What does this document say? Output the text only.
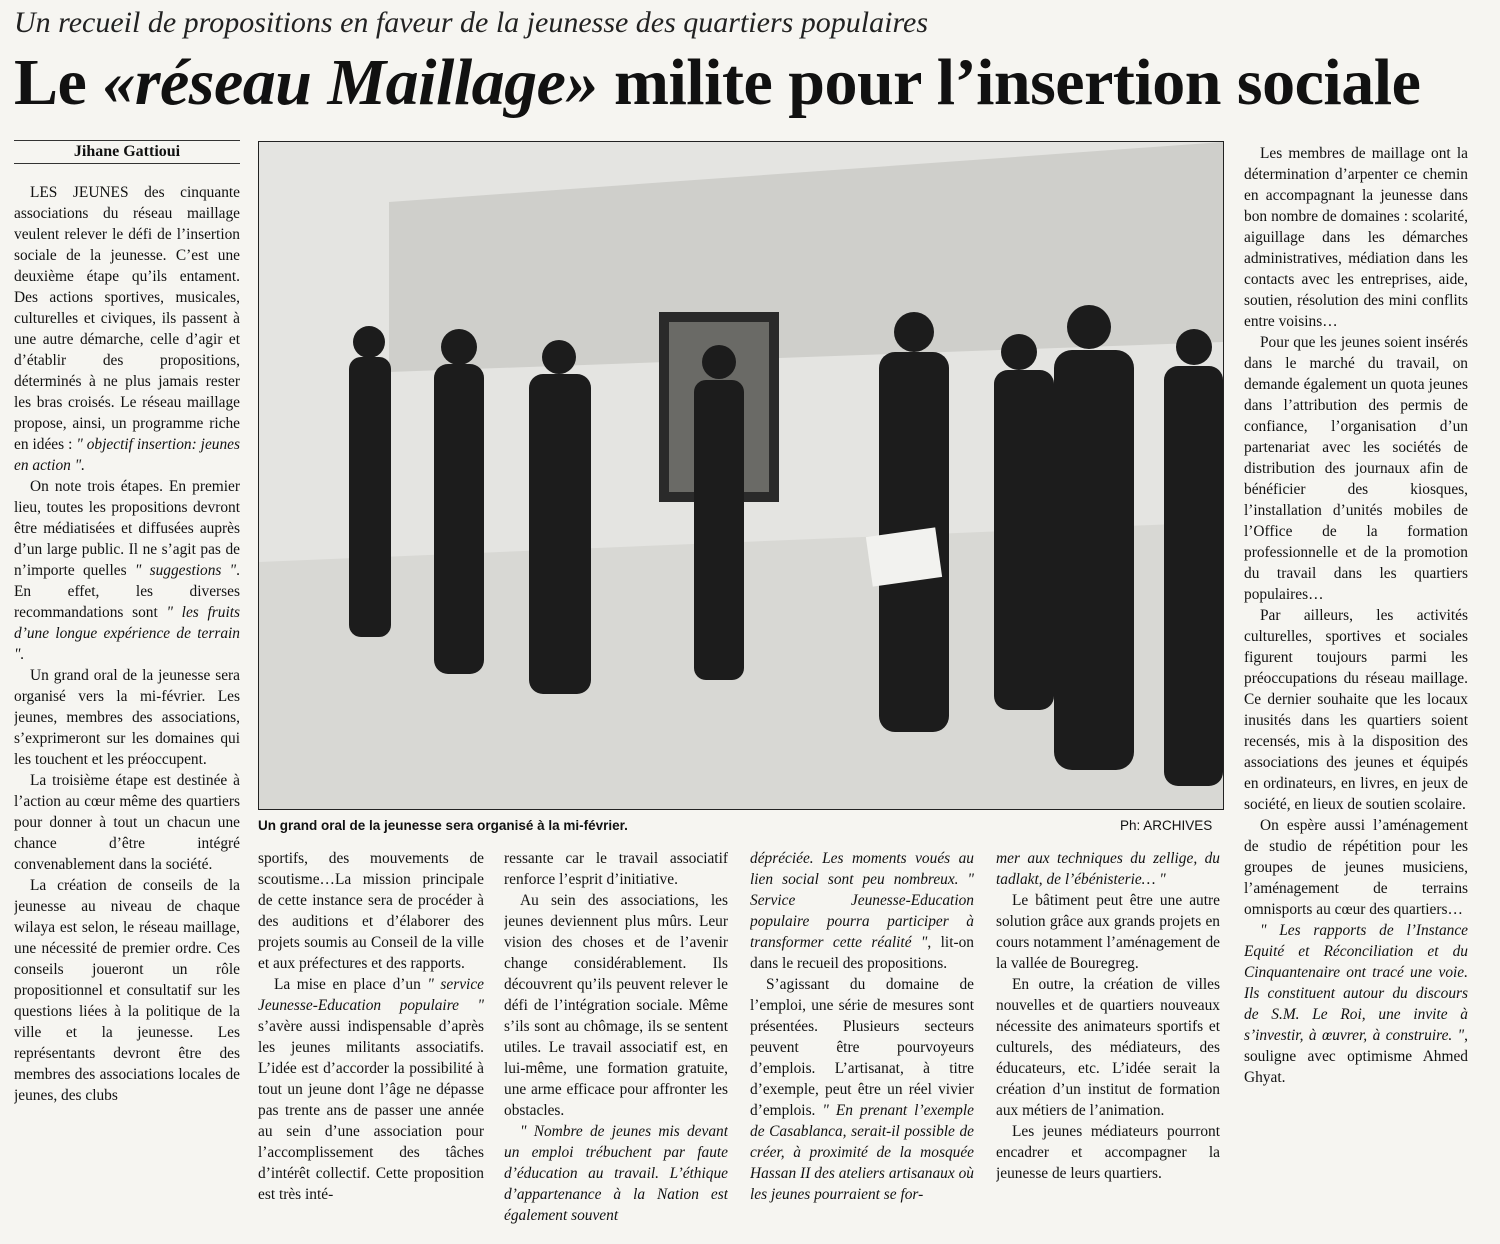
Un recueil de propositions en faveur de la jeunesse des quartiers populaires
Le «réseau Maillage» milite pour l’insertion sociale
Jihane Gattioui

LES JEUNES des cinquante associations du réseau maillage veulent relever le défi de l’insertion sociale de la jeunesse. C’est une deuxième étape qu’ils entament. Des actions sportives, musicales, culturelles et civiques, ils passent à une autre démarche, celle d’agir et d’établir des propositions, déterminés à ne plus jamais rester les bras croisés. Le réseau maillage propose, ainsi, un programme riche en idées : " objectif insertion: jeunes en action ".

On note trois étapes. En premier lieu, toutes les propositions devront être médiatisées et diffusées auprès d’un large public. Il ne s’agit pas de n’importe quelles " suggestions ". En effet, les diverses recommandations sont " les fruits d’une longue expérience de terrain ".

Un grand oral de la jeunesse sera organisé vers la mi-février. Les jeunes, membres des associations, s’exprimeront sur les domaines qui les touchent et les préoccupent.

La troisième étape est destinée à l’action au cœur même des quartiers pour donner à tout un chacun une chance d’être intégré convenablement dans la société.

La création de conseils de la jeunesse au niveau de chaque wilaya est selon, le réseau maillage, une nécessité de premier ordre. Ces conseils joueront un rôle propositionnel et consultatif sur les questions liées à la politique de la ville et la jeunesse. Les représentants devront être des membres des associations locales de jeunes, des clubs

Un grand oral de la jeunesse sera organisé à la mi-février.	Ph: ARCHIVES

sportifs, des mouvements de scoutisme…La mission principale de cette instance sera de procéder à des auditions et d’élaborer des projets soumis au Conseil de la ville et aux préfectures et des rapports.

La mise en place d’un " service Jeunesse-Education populaire " s’avère aussi indispensable d’après les jeunes militants associatifs. L’idée est d’accorder la possibilité à tout un jeune dont l’âge ne dépasse pas trente ans de passer une année au sein d’une association pour l’accomplissement des tâches d’intérêt collectif. Cette proposition est très inté-

ressante car le travail associatif renforce l’esprit d’initiative.

Au sein des associations, les jeunes deviennent plus mûrs. Leur vision des choses et de l’avenir change considérablement. Ils découvrent qu’ils peuvent relever le défi de l’intégration sociale. Même s’ils sont au chômage, ils se sentent utiles. Le travail associatif est, en lui-même, une formation gratuite, une arme efficace pour affronter les obstacles.

" Nombre de jeunes mis devant un emploi trébuchent par faute d’éducation au travail. L’éthique d’appartenance à la Nation est également souvent

dépréciée. Les moments voués au lien social sont peu nombreux. " Service Jeunesse-Education populaire pourra participer à transformer cette réalité ", lit-on dans le recueil des propositions.

S’agissant du domaine de l’emploi, une série de mesures sont présentées. Plusieurs secteurs peuvent être pourvoyeurs d’emplois. L’artisanat, à titre d’exemple, peut être un réel vivier d’emplois. " En prenant l’exemple de Casablanca, serait-il possible de créer, à proximité de la mosquée Hassan II des ateliers artisanaux où les jeunes pourraient se for-

mer aux techniques du zellige, du tadlakt, de l’ébénisterie… "

Le bâtiment peut être une autre solution grâce aux grands projets en cours notamment l’aménagement de la vallée de Bouregreg.

En outre, la création de villes nouvelles et de quartiers nouveaux nécessite des animateurs sportifs et culturels, des médiateurs, des éducateurs, etc. L’idée serait la création d’un institut de formation aux métiers de l’animation.

Les jeunes médiateurs pourront encadrer et accompagner la jeunesse de leurs quartiers.

Les membres de maillage ont la détermination d’arpenter ce chemin en accompagnant la jeunesse dans bon nombre de domaines : scolarité, aiguillage dans les démarches administratives, médiation dans les contacts avec les entreprises, aide, soutien, résolution des mini conflits entre voisins…

Pour que les jeunes soient insérés dans le marché du travail, on demande également un quota jeunes dans l’attribution des permis de confiance, l’organisation d’un partenariat avec les sociétés de distribution des journaux afin de bénéficier des kiosques, l’installation d’unités mobiles de l’Office de la formation professionnelle et de la promotion du travail dans les quartiers populaires…

Par ailleurs, les activités culturelles, sportives et sociales figurent toujours parmi les préoccupations du réseau maillage. Ce dernier souhaite que les locaux inusités dans les quartiers soient recensés, mis à la disposition des associations des jeunes et équipés en ordinateurs, en livres, en jeux de société, en lieux de soutien scolaire.

On espère aussi l’aménagement de studio de répétition pour les groupes de jeunes musiciens, l’aménagement de terrains omnisports au cœur des quartiers…

" Les rapports de l’Instance Equité et Réconciliation et du Cinquantenaire ont tracé une voie. Ils constituent autour du discours de S.M. Le Roi, une invite à s’investir, à œuvrer, à construire. ", souligne avec optimisme Ahmed Ghyat.
